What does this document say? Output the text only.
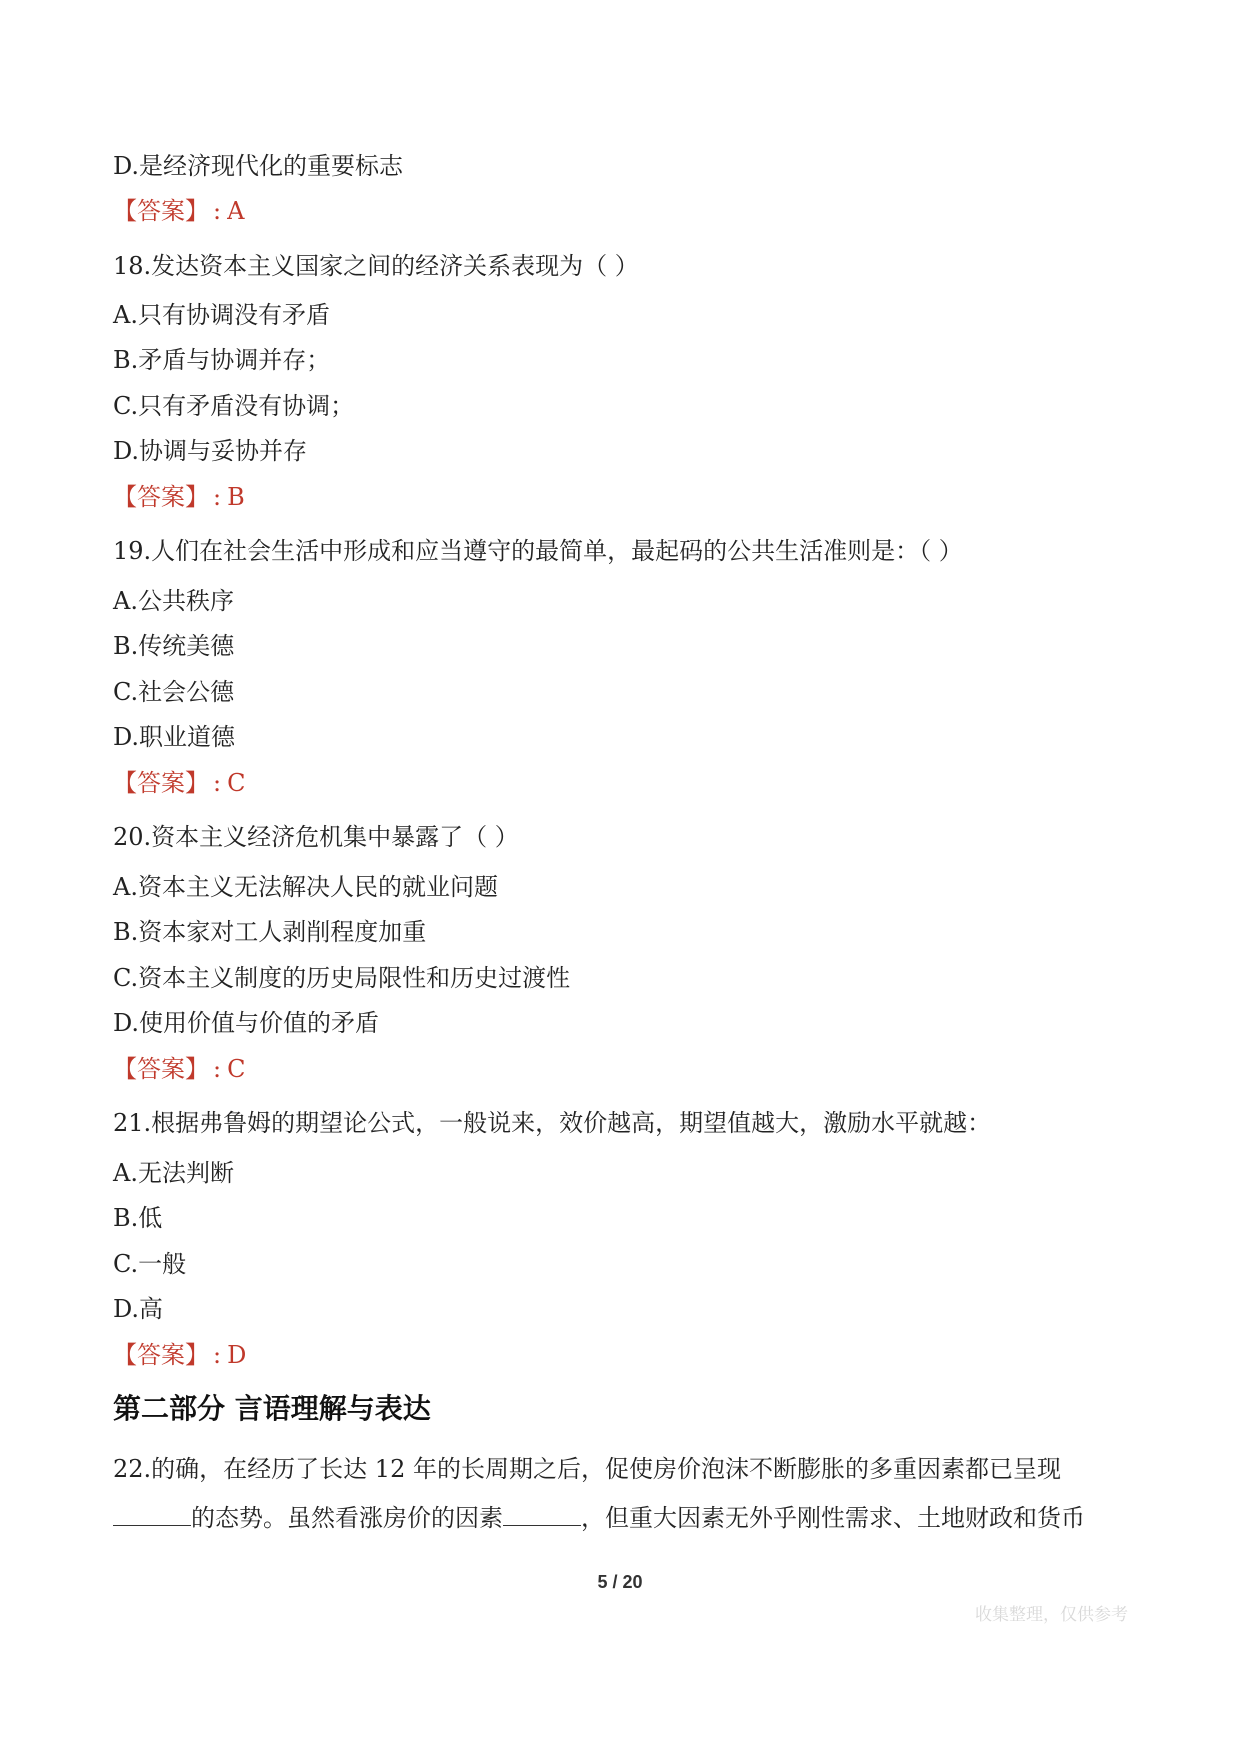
D.是经济现代化的重要标志
【答案】 : A
18.发达资本主义国家之间的经济关系表现为（ ）
A.只有协调没有矛盾
B.矛盾与协调并存；
C.只有矛盾没有协调；
D.协调与妥协并存
【答案】 : B
19.人们在社会生活中形成和应当遵守的最简单，最起码的公共生活准则是：（ ）
A.公共秩序
B.传统美德
C.社会公德
D.职业道德
【答案】 : C
20.资本主义经济危机集中暴露了（ ）
A.资本主义无法解决人民的就业问题
B.资本家对工人剥削程度加重
C.资本主义制度的历史局限性和历史过渡性
D.使用价值与价值的矛盾
【答案】 : C
21.根据弗鲁姆的期望论公式，一般说来，效价越高，期望值越大，激励水平就越：
A.无法判断
B.低
C.一般
D.高
【答案】 : D
第二部分 言语理解与表达
22.的确，在经历了长达 12 年的长周期之后，促使房价泡沫不断膨胀的多重因素都已呈现
的态势。虽然看涨房价的因素	，但重大因素无外乎刚性需求、土地财政和货币
5 / 20
收集整理，仅供参考
